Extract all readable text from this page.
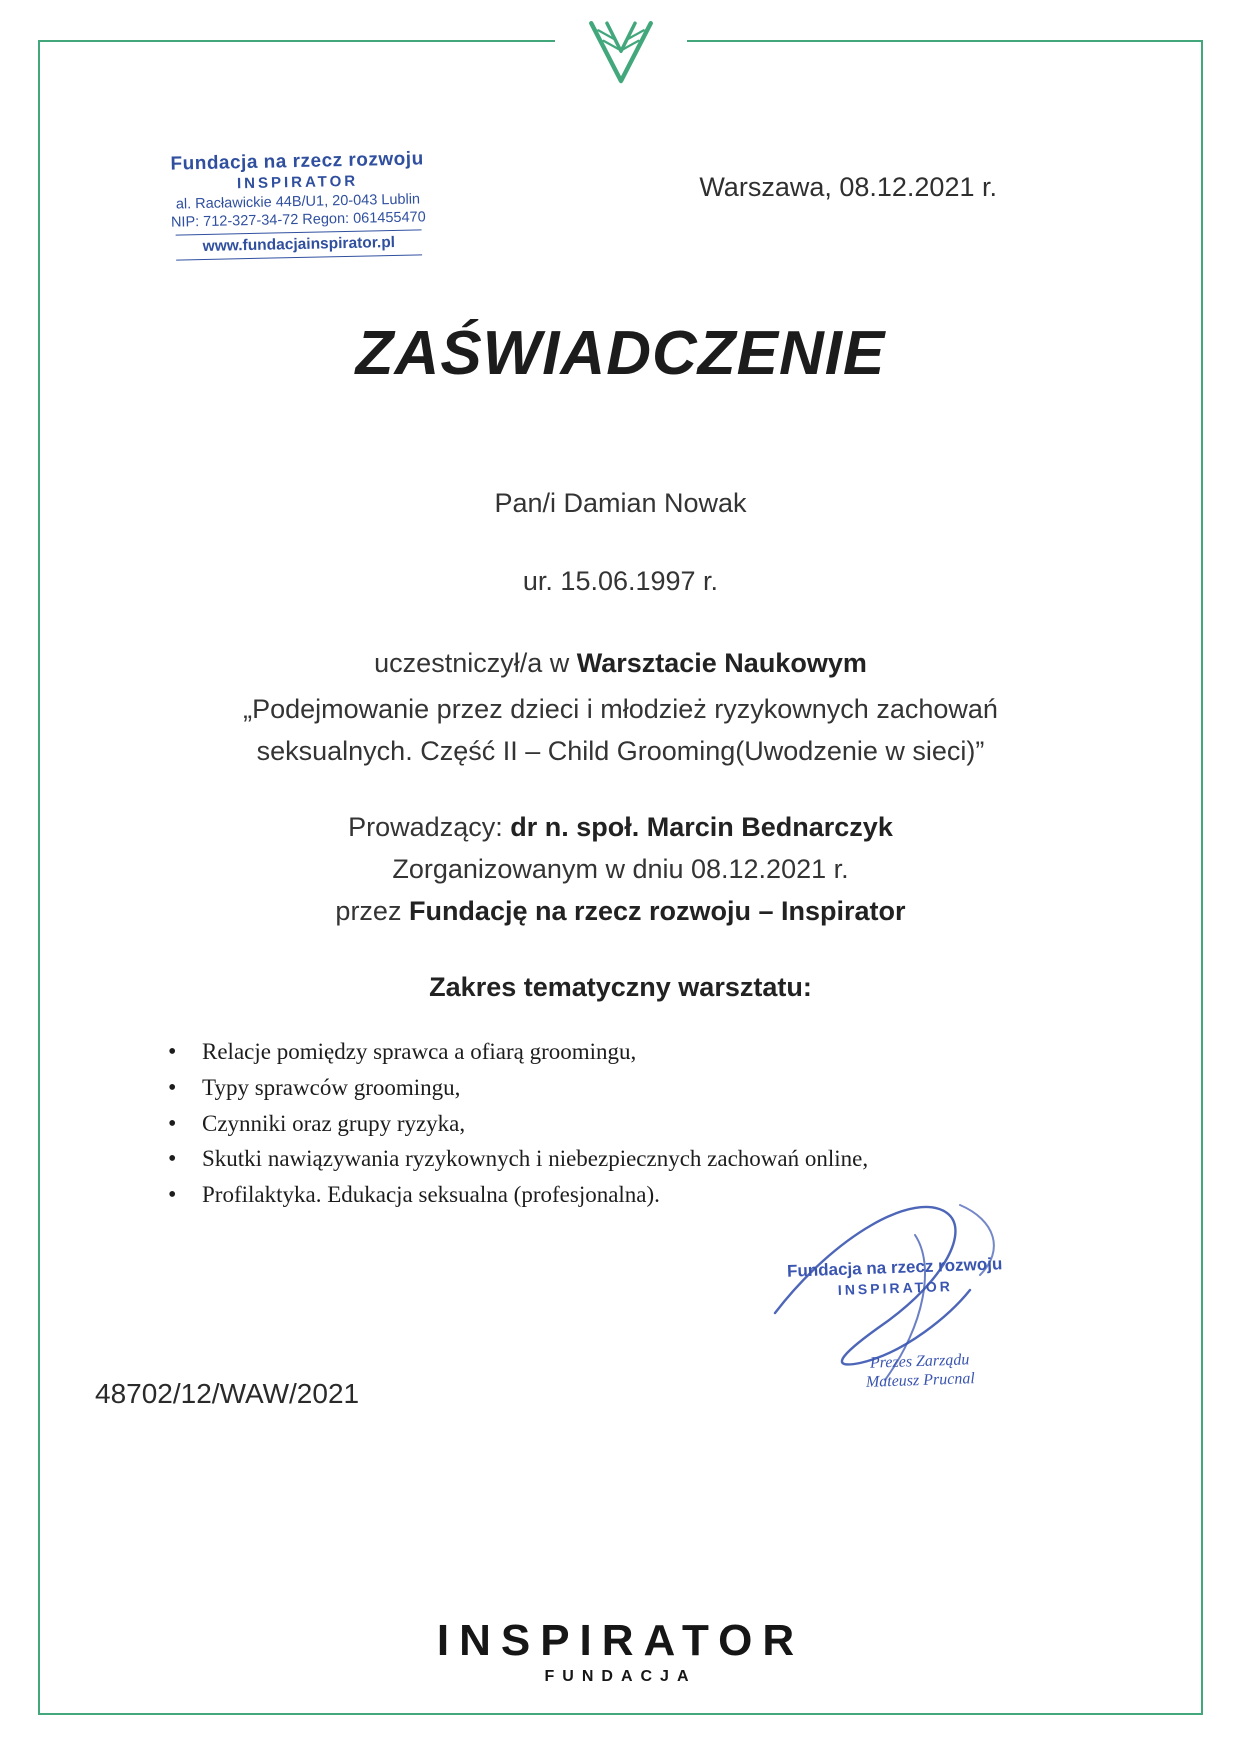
Fundacja na rzecz rozwoju
INSPIRATOR
al. Racławickie 44B/U1, 20-043 Lublin
NIP: 712-327-34-72 Regon: 061455470
www.fundacjainspirator.pl
Warszawa, 08.12.2021 r.
ZAŚWIADCZENIE
Pan/i Damian Nowak
ur. 15.06.1997 r.
uczestniczył/a w Warsztacie Naukowym
„Podejmowanie przez dzieci i młodzież ryzykownych zachowań
seksualnych. Część II – Child Grooming(Uwodzenie w sieci)”
Prowadzący: dr n. społ. Marcin Bednarczyk
Zorganizowanym w dniu 08.12.2021 r.
przez Fundację na rzecz rozwoju – Inspirator
Zakres tematyczny warsztatu:
• Relacje pomiędzy sprawca a ofiarą groomingu,
• Typy sprawców groomingu,
• Czynniki oraz grupy ryzyka,
• Skutki nawiązywania ryzykownych i niebezpiecznych zachowań online,
• Profilaktyka. Edukacja seksualna (profesjonalna).
Fundacja na rzecz rozwoju
INSPIRATOR
Prezes Zarządu
Mateusz Prucnal
48702/12/WAW/2021
INSPIRATOR
FUNDACJA
